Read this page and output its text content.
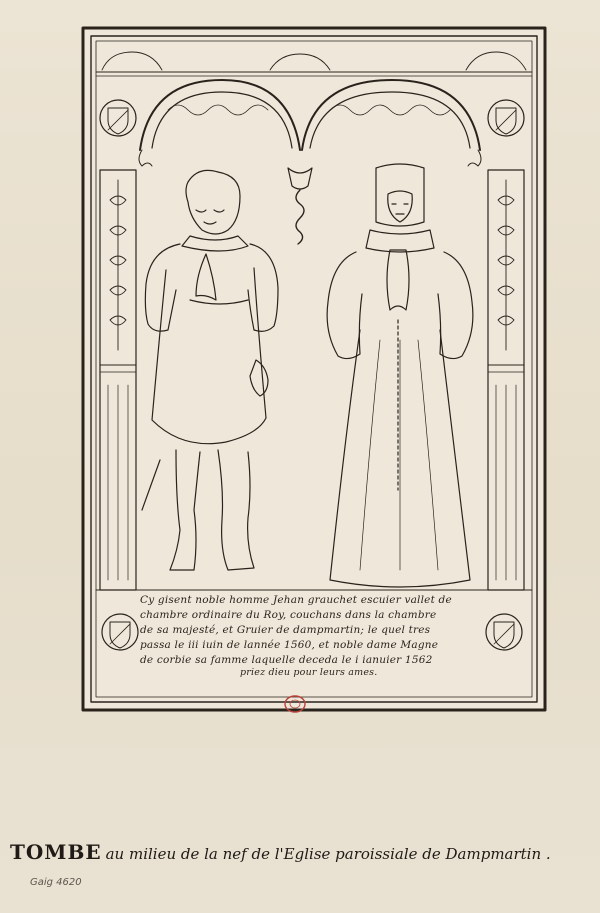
Cy gisent noble homme Jehan grauchet escuier vallet de
chambre ordinaire du Roy, couchans dans la chambre
de sa majesté, et Gruier de dampmartin; le quel tres
passa le iii iuin de lannée 1560, et noble dame Magne
de corbie sa famme laquelle deceda le i ianuier 1562
priez dieu pour leurs ames.
TOMBE au milieu de la nef de l'Eglise paroissiale de Dampmartin .
Gaig 4620
